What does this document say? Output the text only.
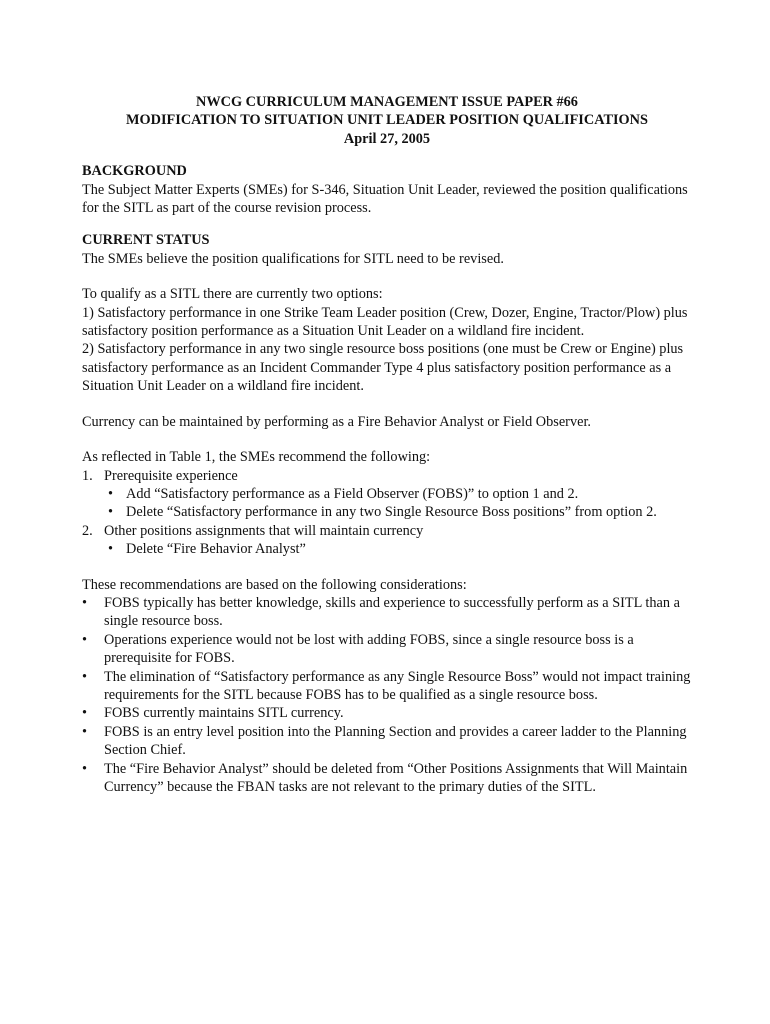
NWCG CURRICULUM MANAGEMENT ISSUE PAPER #66
MODIFICATION TO SITUATION UNIT LEADER POSITION QUALIFICATIONS
April 27, 2005
BACKGROUND

The Subject Matter Experts (SMEs) for S-346, Situation Unit Leader, reviewed the position qualifications for the SITL as part of the course revision process.

CURRENT STATUS

The SMEs believe the position qualifications for SITL need to be revised.

To qualify as a SITL there are currently two options:

1) Satisfactory performance in one Strike Team Leader position (Crew, Dozer, Engine, Tractor/Plow) plus satisfactory position performance as a Situation Unit Leader on a wildland fire incident.

2) Satisfactory performance in any two single resource boss positions (one must be Crew or Engine) plus satisfactory performance as an Incident Commander Type 4 plus satisfactory position performance as a Situation Unit Leader on a wildland fire incident.

Currency can be maintained by performing as a Fire Behavior Analyst or Field Observer.

As reflected in Table 1, the SMEs recommend the following:

1. Prerequisite experience
• Add “Satisfactory performance as a Field Observer (FOBS)” to option 1 and 2.
• Delete “Satisfactory performance in any two Single Resource Boss positions” from option 2.
2. Other positions assignments that will maintain currency
• Delete “Fire Behavior Analyst”

These recommendations are based on the following considerations:

• FOBS typically has better knowledge, skills and experience to successfully perform as a SITL than a single resource boss.
• Operations experience would not be lost with adding FOBS, since a single resource boss is a prerequisite for FOBS.
• The elimination of “Satisfactory performance as any Single Resource Boss” would not impact training requirements for the SITL because FOBS has to be qualified as a single resource boss.
• FOBS currently maintains SITL currency.
• FOBS is an entry level position into the Planning Section and provides a career ladder to the Planning Section Chief.
• The “Fire Behavior Analyst” should be deleted from “Other Positions Assignments that Will Maintain Currency” because the FBAN tasks are not relevant to the primary duties of the SITL.
